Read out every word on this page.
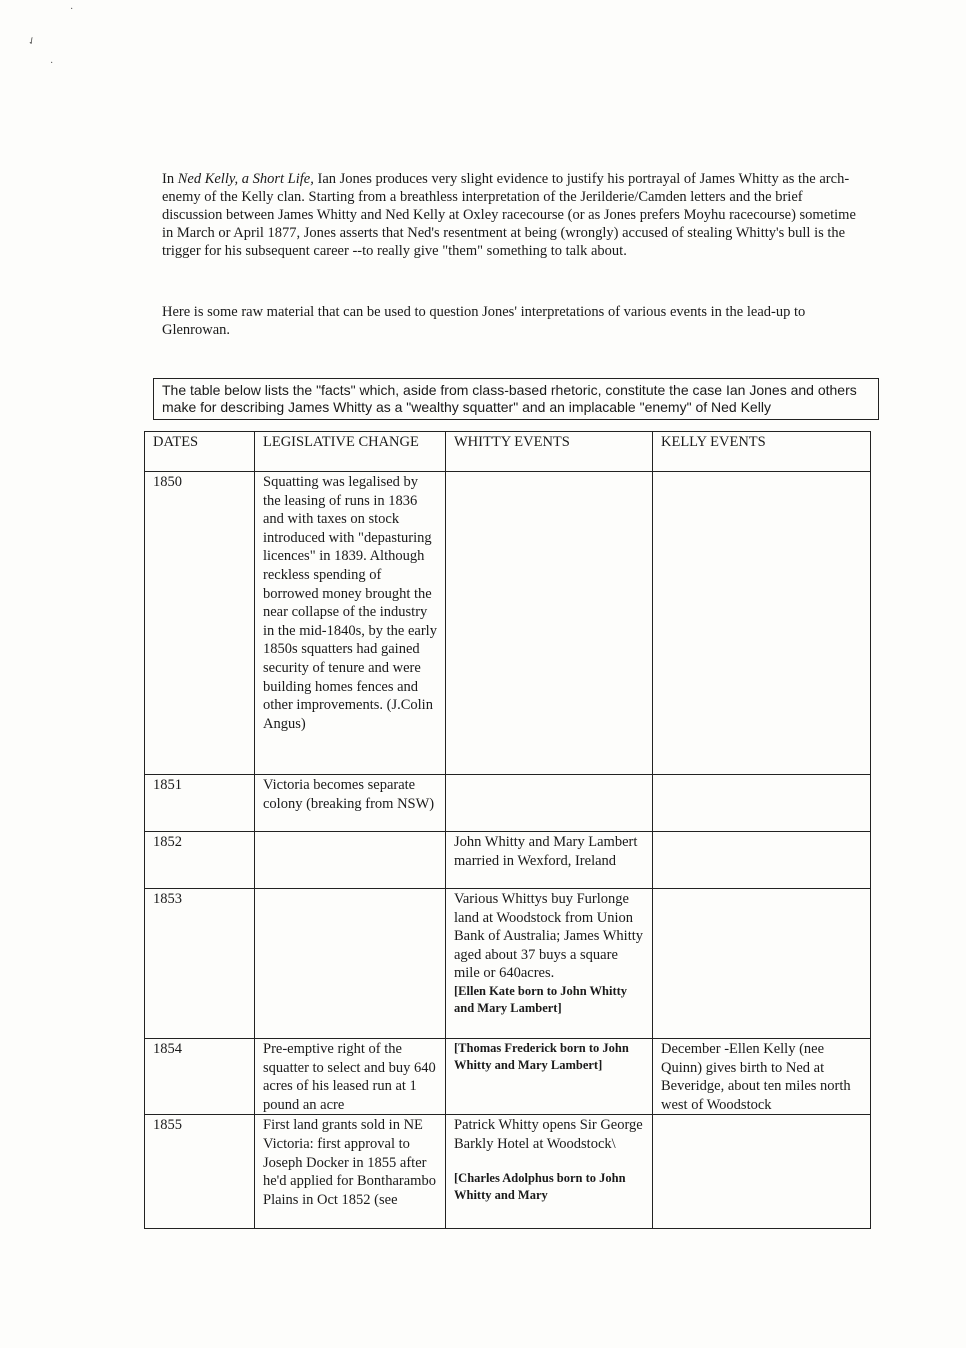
·
✓
·

In Ned Kelly, a Short Life, Ian Jones produces very slight evidence to justify his portrayal of James Whitty as the arch-enemy of the Kelly clan. Starting from a breathless interpretation of the Jerilderie/Camden letters and the brief discussion between James Whitty and Ned Kelly at Oxley racecourse (or as Jones prefers Moyhu racecourse) sometime in March or April 1877, Jones asserts that Ned's resentment at being (wrongly) accused of stealing Whitty's bull is the trigger for his subsequent career --to really give "them" something to talk about.

Here is some raw material that can be used to question Jones' interpretations of various events in the lead-up to Glenrowan.

The table below lists the "facts" which, aside from class-based rhetoric, constitute the case Ian Jones and others make for describing James Whitty as a "wealthy squatter" and an implacable "enemy" of Ned Kelly
DATES	LEGISLATIVE CHANGE	WHITTY EVENTS	KELLY EVENTS
1850	Squatting was legalised by the leasing of runs in 1836 and with taxes on stock introduced with "depasturing licences" in 1839. Although reckless spending of borrowed money brought the near collapse of the industry in the mid-1840s, by the early 1850s squatters had gained security of tenure and were building homes fences and other improvements. (J.Colin Angus)	

1851	Victoria becomes separate colony (breaking from NSW)	

1852		John Whitty and Mary Lambert married in Wexford, Ireland	

1853		Various Whittys buy Furlonge land at Woodstock from Union Bank of Australia; James Whitty aged about 37 buys a square mile or 640acres.
[Ellen Kate born to John Whitty and Mary Lambert]	

1854	Pre-emptive right of the squatter to select and buy 640 acres of his leased run at 1 pound an acre	[Thomas Frederick born to John Whitty and Mary Lambert]	December -Ellen Kelly (nee Quinn) gives birth to Ned at Beveridge, about ten miles north west of Woodstock
1855	First land grants sold in NE Victoria: first approval to Joseph Docker in 1855 after he'd applied for Bontharambo Plains in Oct 1852 (see	Patrick Whitty opens Sir George Barkly Hotel at Woodstock\
[Charles Adolphus born to John Whitty and Mary	
